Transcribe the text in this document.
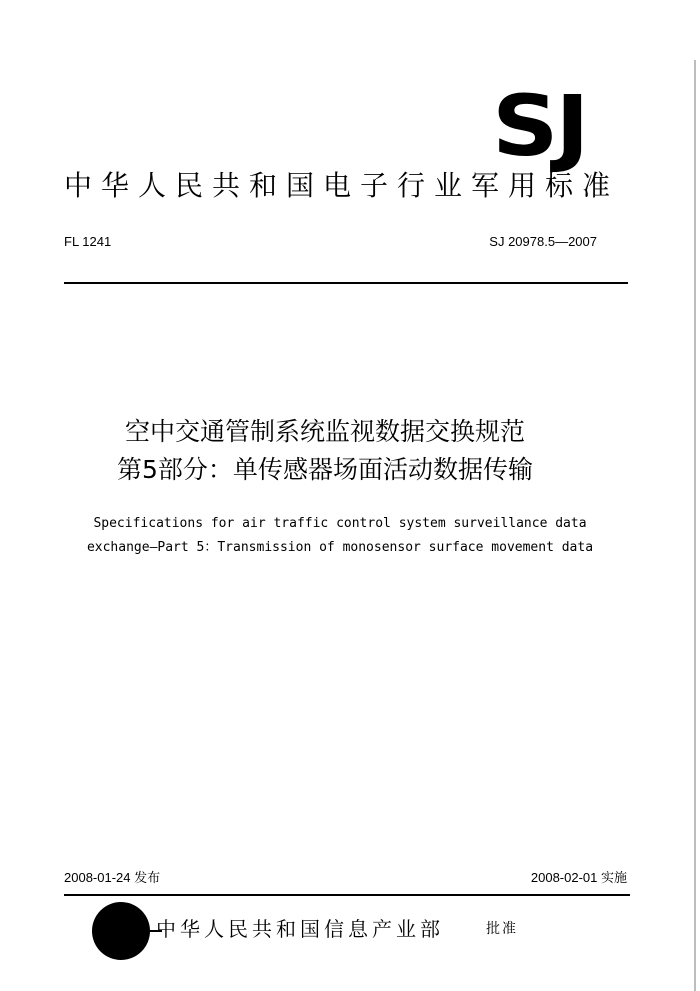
SJ
中华人民共和国电子行业军用标准
FL 1241	SJ 20978.5—2007
空中交通管制系统监视数据交换规范
第5部分：单传感器场面活动数据传输
Specifications for air traffic control system surveillance data
exchange—Part 5：Transmission of monosensor surface movement data
2008-01-24 发布	2008-02-01 实施
中华人民共和国信息产业部	批准
